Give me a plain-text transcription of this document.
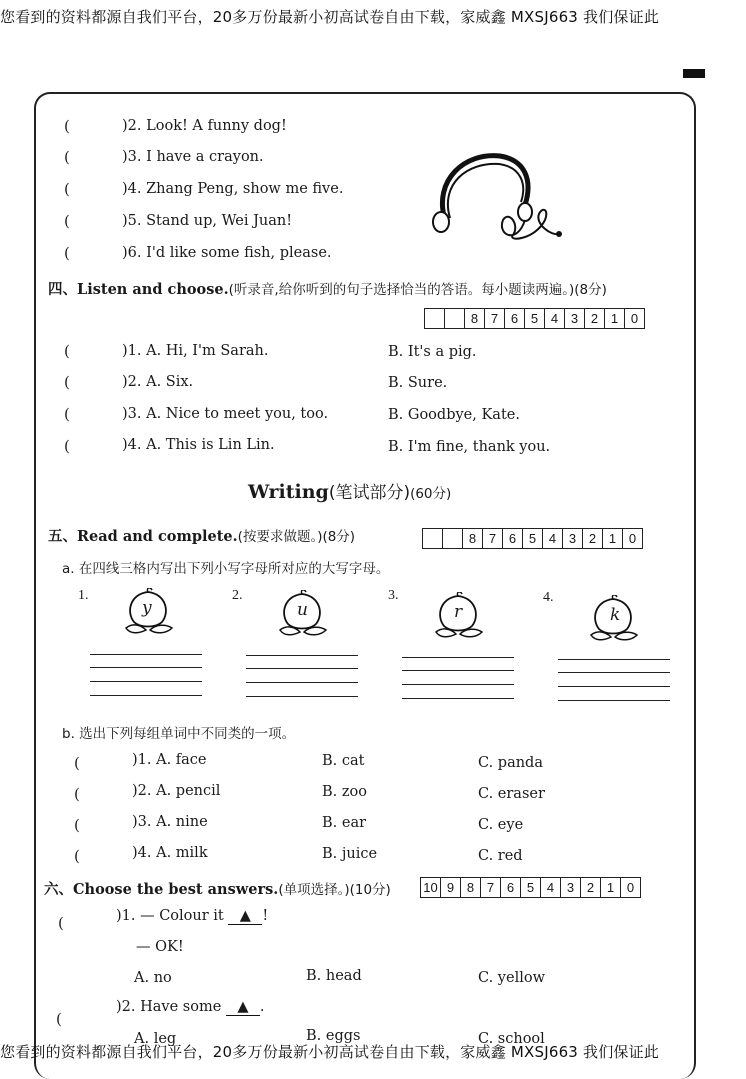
您看到的资料都源自我们平台，20多万份最新小初高试卷自由下载，家威鑫 MXSJ663 我们保证此
(	)2. Look! A funny dog!
(	)3. I have a crayon.
(	)4. Zhang Peng, show me five.
(	)5. Stand up, Wei Juan!
(	)6. I'd like some fish, please.
四、Listen and choose.(听录音,给你听到的句子选择恰当的答语。每小题读两遍。)(8分)
8 7 6 5 4 3 2 1 0
(	)1. A. Hi, I'm Sarah.	B. It's a pig.
(	)2. A. Six.	B. Sure.
(	)3. A. Nice to meet you, too.	B. Goodbye, Kate.
(	)4. A. This is Lin Lin.	B. I'm fine, thank you.
Writing(笔试部分)(60分)
五、Read and complete.(按要求做题。)(8分)	8 7 6 5 4 3 2 1 0
a. 在四线三格内写出下列小写字母所对应的大写字母。
1.
y
2.
u
3.
r
4.
k
b. 选出下列每组单词中不同类的一项。
(	)1. A. face	B. cat	C. panda
(	)2. A. pencil	B. zoo	C. eraser
(	)3. A. nine	B. ear	C. eye
(	)4. A. milk	B. juice	C. red
六、Choose the best answers.(单项选择。)(10分) 10 9 8 7 6 5 4 3 2 1 0
(	)1. — Colour it ▲ !
— OK!
A. no	B. head	C. yellow
(
)2. Have some ▲ .
A. leg	B. eggs	C. school
您看到的资料都源自我们平台，20多万份最新小初高试卷自由下载，家威鑫 MXSJ663 我们保证此
